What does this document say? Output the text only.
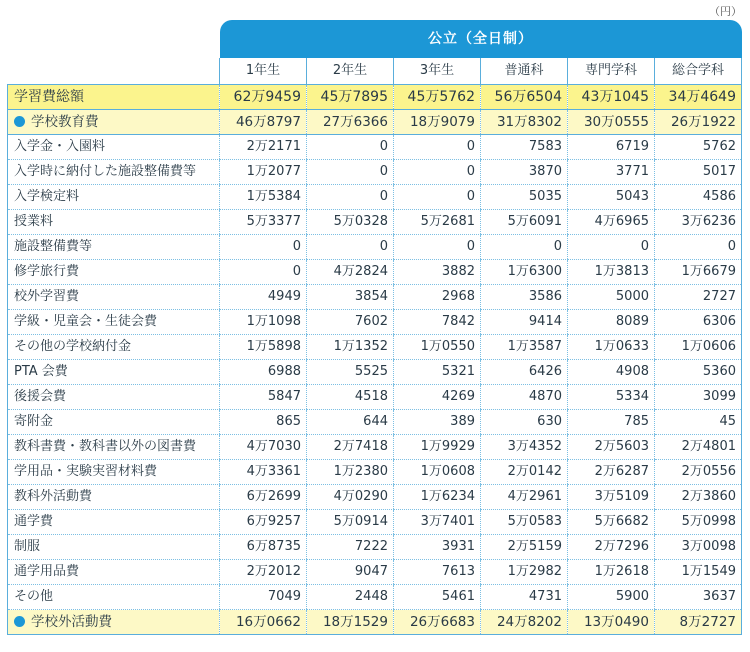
（円）
	公立（全日制）					
	1年生	2年生	3年生	普通科	専門学科	総合学科
学習費総額	62万9459	45万7895	45万5762	56万6504	43万1045	34万4649
学校教育費	46万8797	27万6366	18万9079	31万8302	30万0555	26万1922
入学金・入園料	2万2171	0	0	7583	6719	5762
入学時に納付した施設整備費等	1万2077	0	0	3870	3771	5017
入学検定料	1万5384	0	0	5035	5043	4586
授業料	5万3377	5万0328	5万2681	5万6091	4万6965	3万6236
施設整備費等	0	0	0	0	0	0
修学旅行費	0	4万2824	3882	1万6300	1万3813	1万6679
校外学習費	4949	3854	2968	3586	5000	2727
学級・児童会・生徒会費	1万1098	7602	7842	9414	8089	6306
その他の学校納付金	1万5898	1万1352	1万0550	1万3587	1万0633	1万0606
PTA 会費	6988	5525	5321	6426	4908	5360
後援会費	5847	4518	4269	4870	5334	3099
寄附金	865	644	389	630	785	45
教科書費・教科書以外の図書費	4万7030	2万7418	1万9929	3万4352	2万5603	2万4801
学用品・実験実習材料費	4万3361	1万2380	1万0608	2万0142	2万6287	2万0556
教科外活動費	6万2699	4万0290	1万6234	4万2961	3万5109	2万3860
通学費	6万9257	5万0914	3万7401	5万0583	5万6682	5万0998
制服	6万8735	7222	3931	2万5159	2万7296	3万0098
通学用品費	2万2012	9047	7613	1万2982	1万2618	1万1549
その他	7049	2448	5461	4731	5900	3637
学校外活動費	16万0662	18万1529	26万6683	24万8202	13万0490	8万2727
